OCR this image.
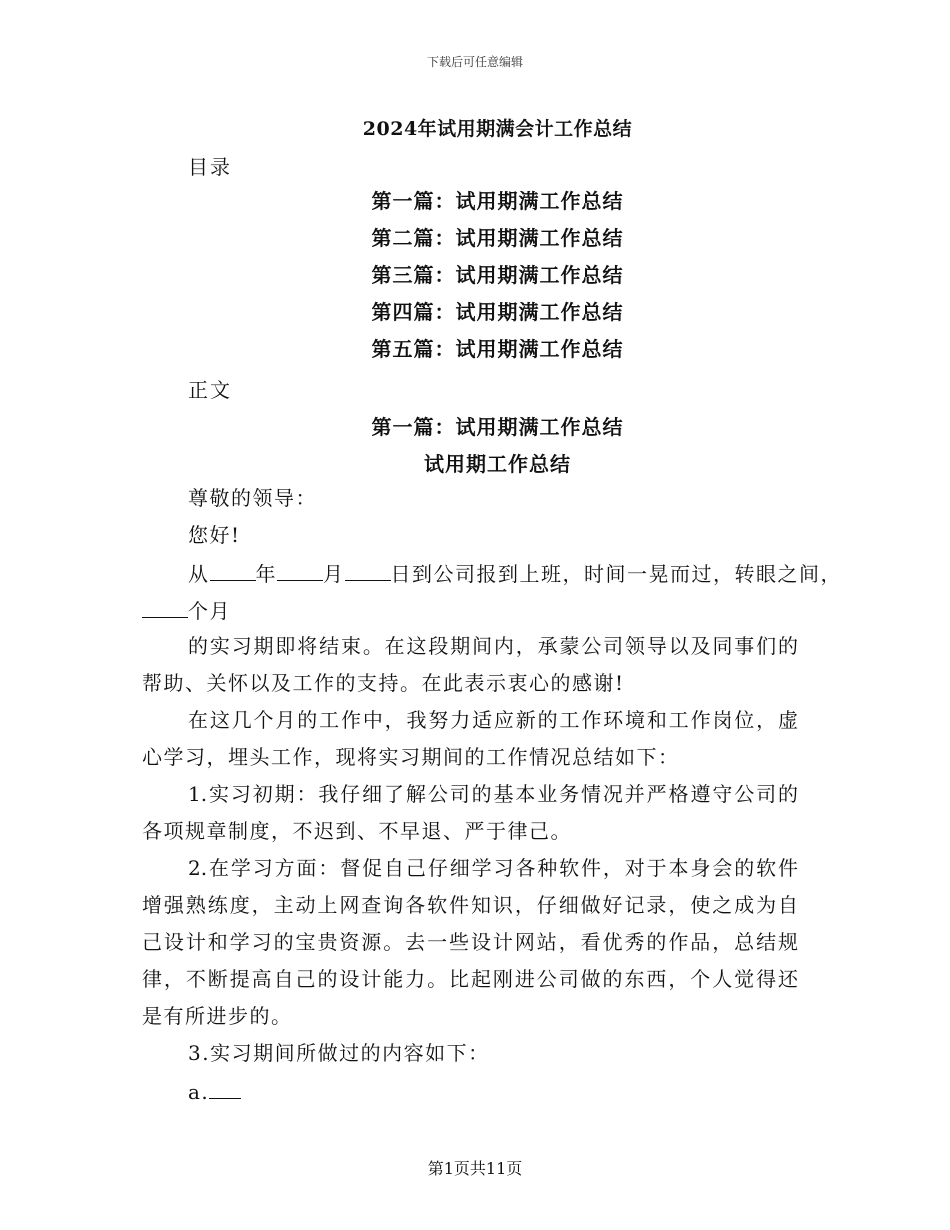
下载后可任意编辑
2024年试用期满会计工作总结
目录
第一篇：试用期满工作总结
第二篇：试用期满工作总结
第三篇：试用期满工作总结
第四篇：试用期满工作总结
第五篇：试用期满工作总结
正文
第一篇：试用期满工作总结
试用期工作总结
尊敬的领导：
您好!
从 年 月 日到公司报到上班，时间一晃而过，转眼之间，
个月
的实习期即将结束。在这段期间内，承蒙公司领导以及同事们的
帮助、关怀以及工作的支持。在此表示衷心的感谢!
在这几个月的工作中，我努力适应新的工作环境和工作岗位，虚
心学习，埋头工作，现将实习期间的工作情况总结如下：
1.实习初期：我仔细了解公司的基本业务情况并严格遵守公司的
各项规章制度，不迟到、不早退、严于律己。
2.在学习方面：督促自己仔细学习各种软件，对于本身会的软件
增强熟练度，主动上网查询各软件知识，仔细做好记录，使之成为自
己设计和学习的宝贵资源。去一些设计网站，看优秀的作品，总结规
律，不断提高自己的设计能力。比起刚进公司做的东西，个人觉得还
是有所进步的。
3.实习期间所做过的内容如下：
a.
第1页共11页
